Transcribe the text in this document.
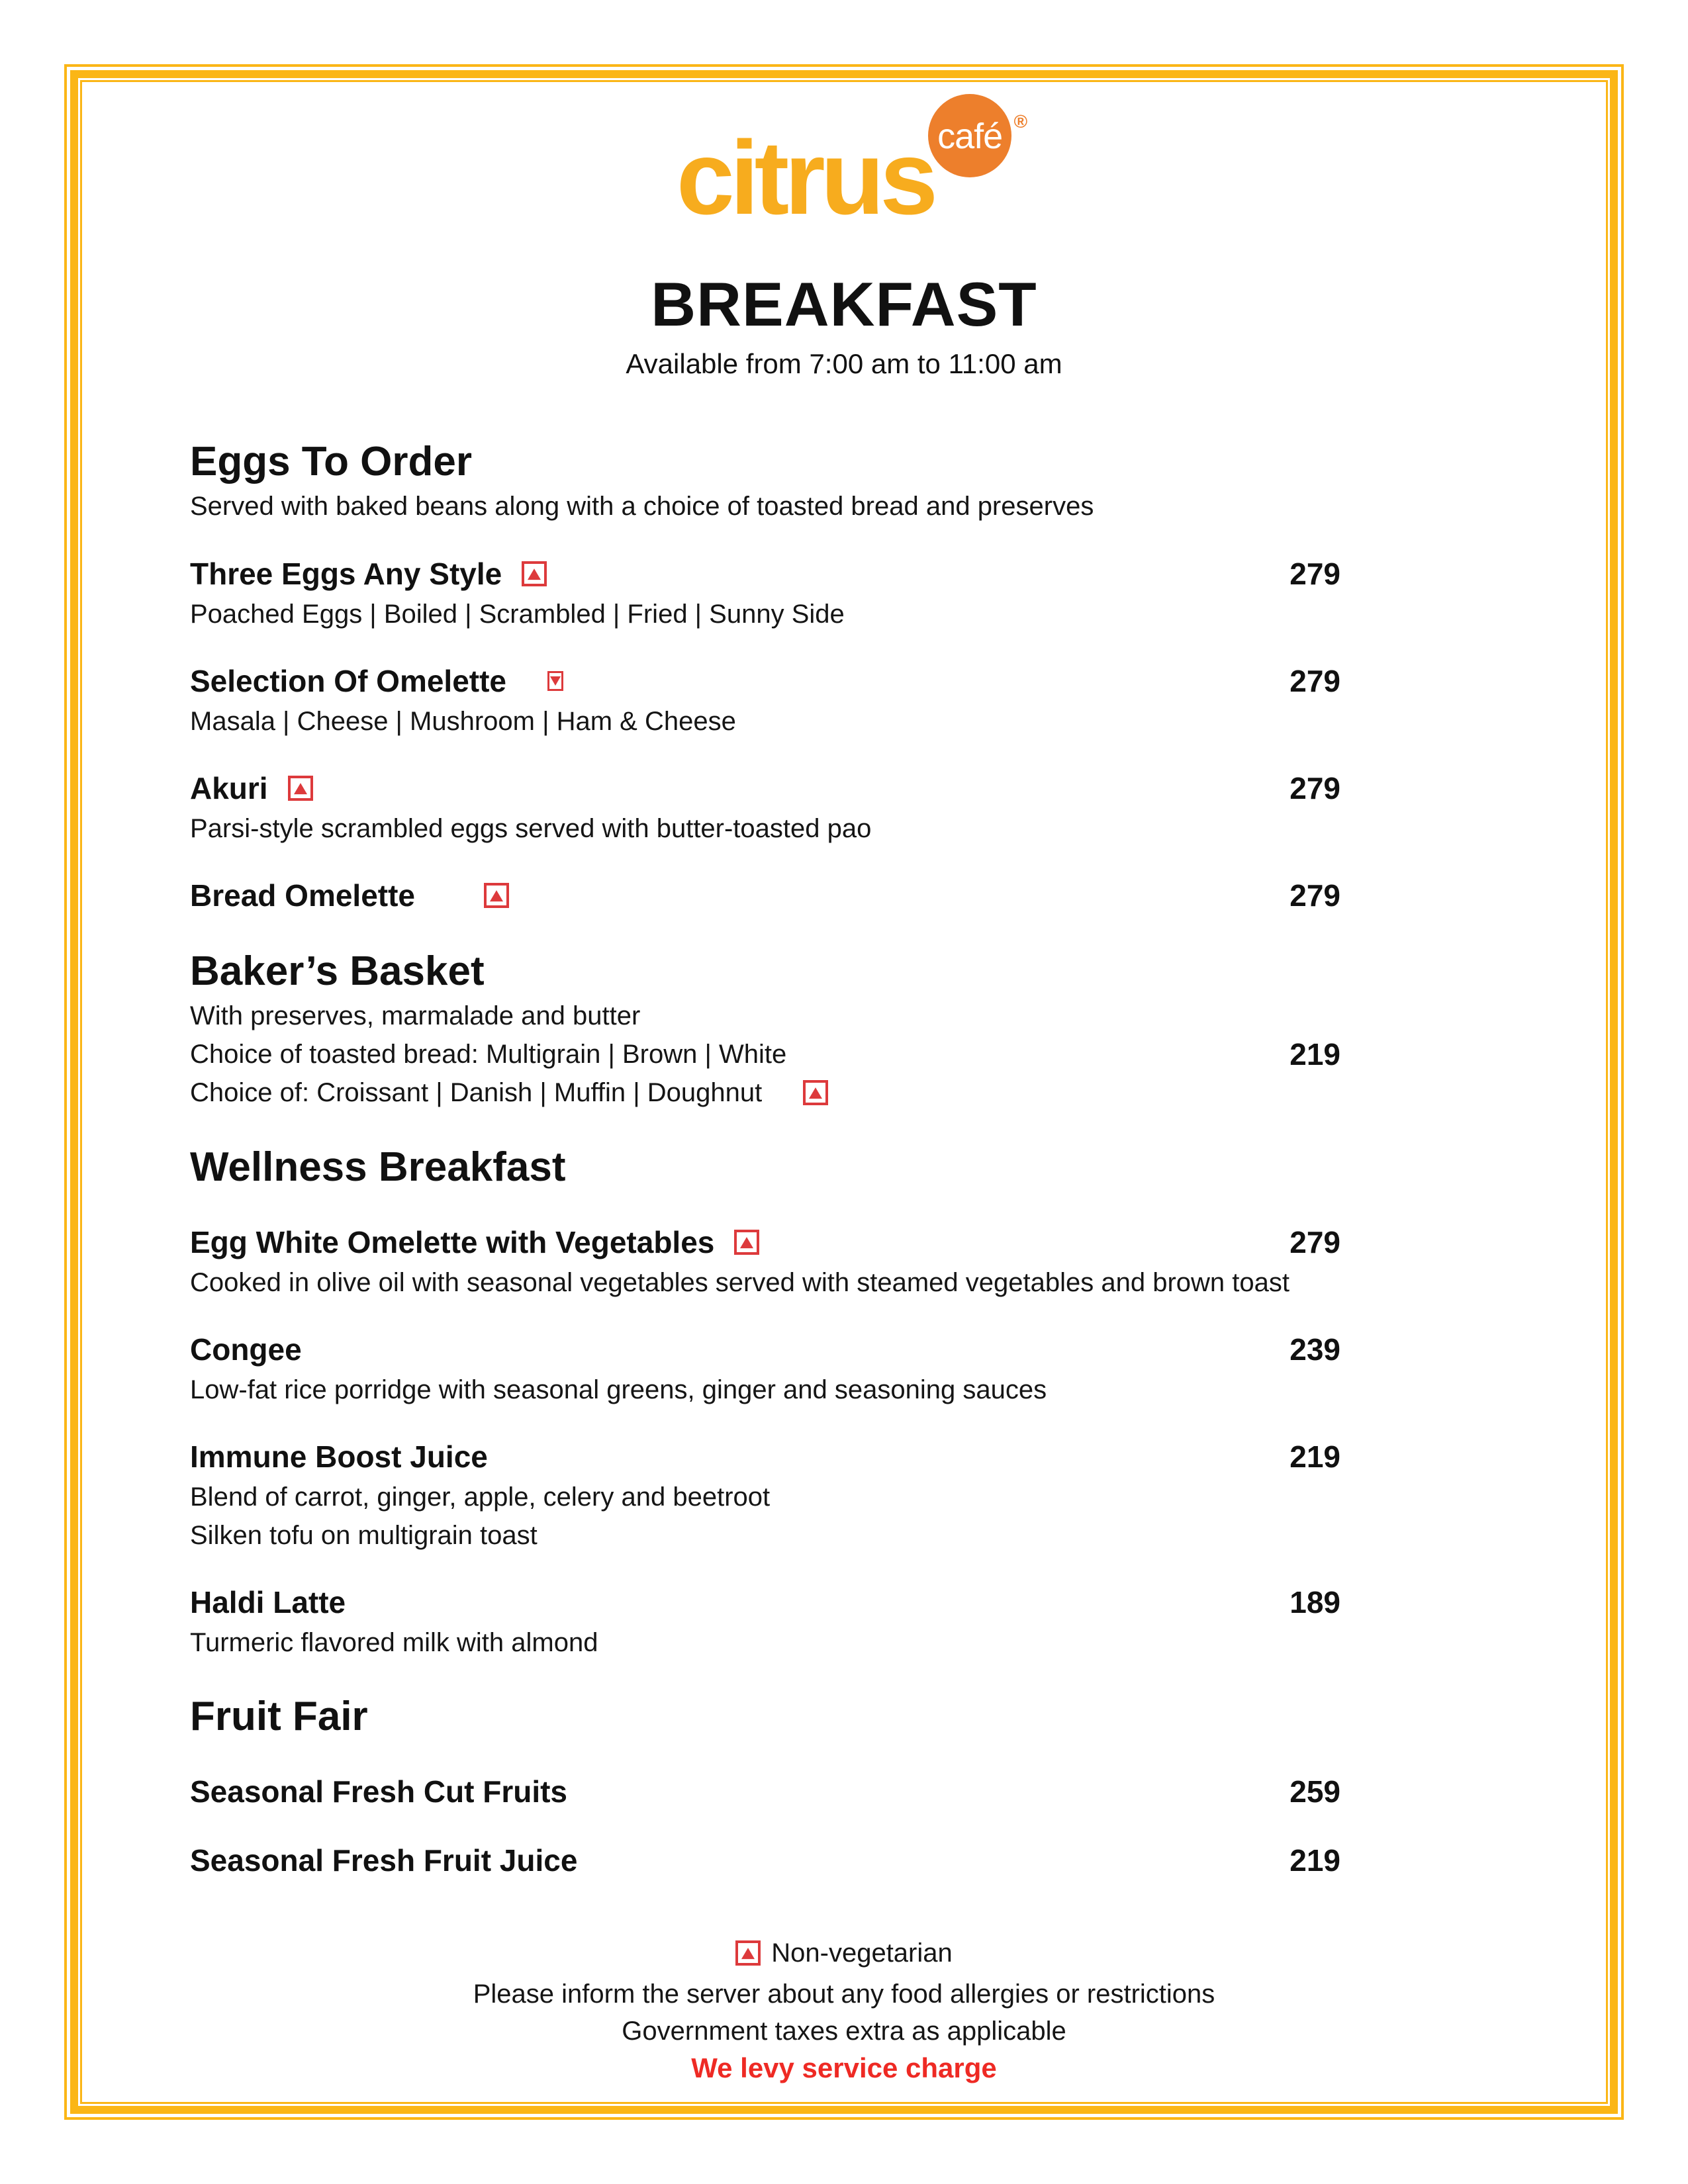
café ®
citrus
BREAKFAST
Available from 7:00 am to 11:00 am
Eggs To Order
Served with baked beans along with a choice of toasted bread and preserves
Three Eggs Any Style	279
Poached Eggs | Boiled | Scrambled | Fried | Sunny Side
Selection Of Omelette	279
Masala | Cheese | Mushroom | Ham & Cheese
Akuri	279
Parsi-style scrambled eggs served with butter-toasted pao
Bread Omelette	279
Baker’s Basket
With preserves, marmalade and butter
Choice of toasted bread: Multigrain | Brown | White	219
Choice of: Croissant | Danish | Muffin | Doughnut
Wellness Breakfast
Egg White Omelette with Vegetables	279
Cooked in olive oil with seasonal vegetables served with steamed vegetables and brown toast
Congee	239
Low-fat rice porridge with seasonal greens, ginger and seasoning sauces
Immune Boost Juice	219
Blend of carrot, ginger, apple, celery and beetroot
Silken tofu on multigrain toast
Haldi Latte	189
Turmeric flavored milk with almond
Fruit Fair
Seasonal Fresh Cut Fruits	259
Seasonal Fresh Fruit Juice	219
Non-vegetarian
Please inform the server about any food allergies or restrictions
Government taxes extra as applicable
We levy service charge
